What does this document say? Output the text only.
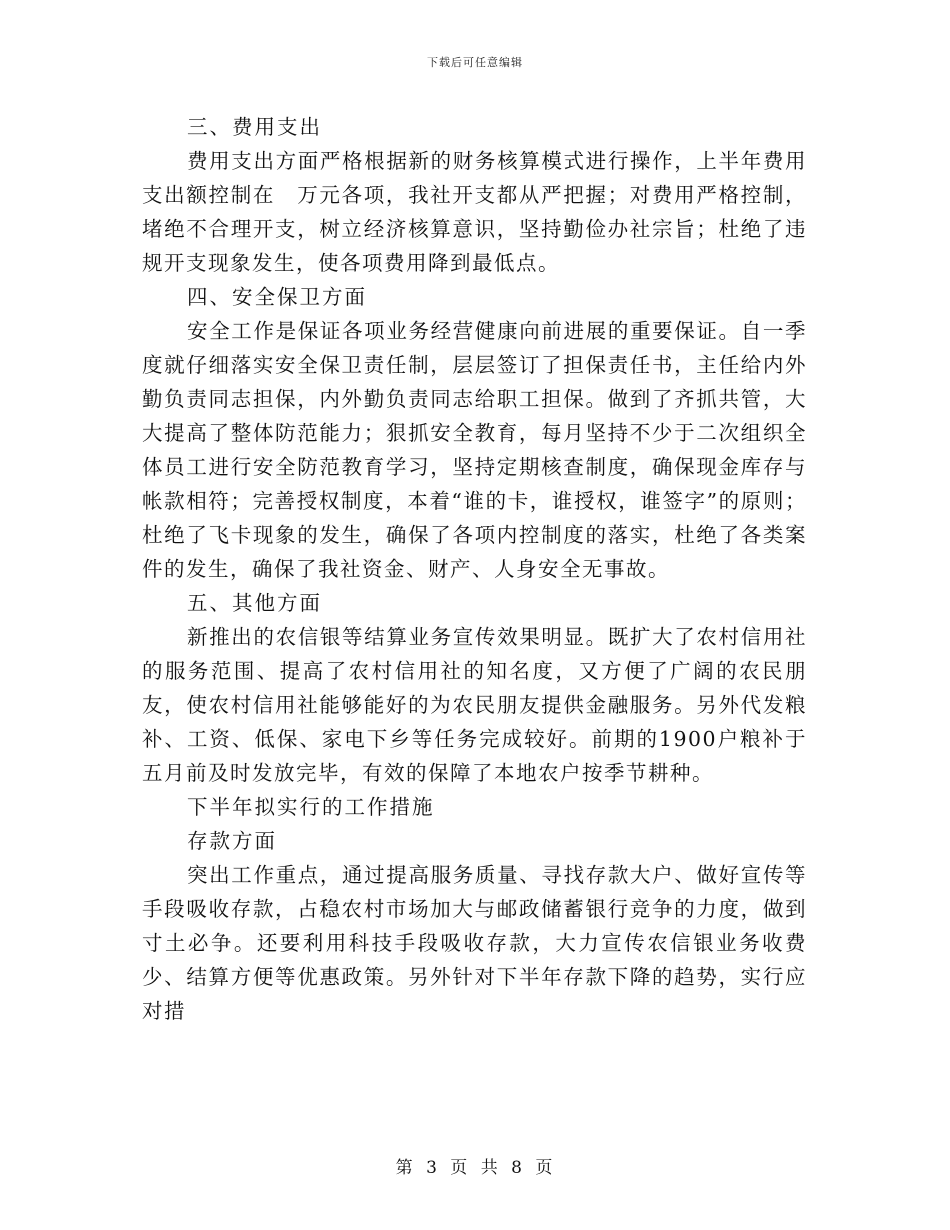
下载后可任意编辑

三、费用支出

费用支出方面严格根据新的财务核算模式进行操作，上半年费用支出额控制在　万元各项，我社开支都从严把握；对费用严格控制，堵绝不合理开支，树立经济核算意识，坚持勤俭办社宗旨；杜绝了违规开支现象发生，使各项费用降到最低点。

四、安全保卫方面

安全工作是保证各项业务经营健康向前进展的重要保证。自一季度就仔细落实安全保卫责任制，层层签订了担保责任书，主任给内外勤负责同志担保，内外勤负责同志给职工担保。做到了齐抓共管，大大提高了整体防范能力；狠抓安全教育，每月坚持不少于二次组织全体员工进行安全防范教育学习，坚持定期核查制度，确保现金库存与帐款相符；完善授权制度，本着“谁的卡，谁授权，谁签字”的原则；杜绝了飞卡现象的发生，确保了各项内控制度的落实，杜绝了各类案件的发生，确保了我社资金、财产、人身安全无事故。

五、其他方面

新推出的农信银等结算业务宣传效果明显。既扩大了农村信用社的服务范围、提高了农村信用社的知名度，又方便了广阔的农民朋友，使农村信用社能够能好的为农民朋友提供金融服务。另外代发粮补、工资、低保、家电下乡等任务完成较好。前期的1900户粮补于五月前及时发放完毕，有效的保障了本地农户按季节耕种。

下半年拟实行的工作措施

存款方面

突出工作重点，通过提高服务质量、寻找存款大户、做好宣传等手段吸收存款，占稳农村市场加大与邮政储蓄银行竞争的力度，做到寸土必争。还要利用科技手段吸收存款，大力宣传农信银业务收费少、结算方便等优惠政策。另外针对下半年存款下降的趋势，实行应对措

第 3 页 共 8 页
